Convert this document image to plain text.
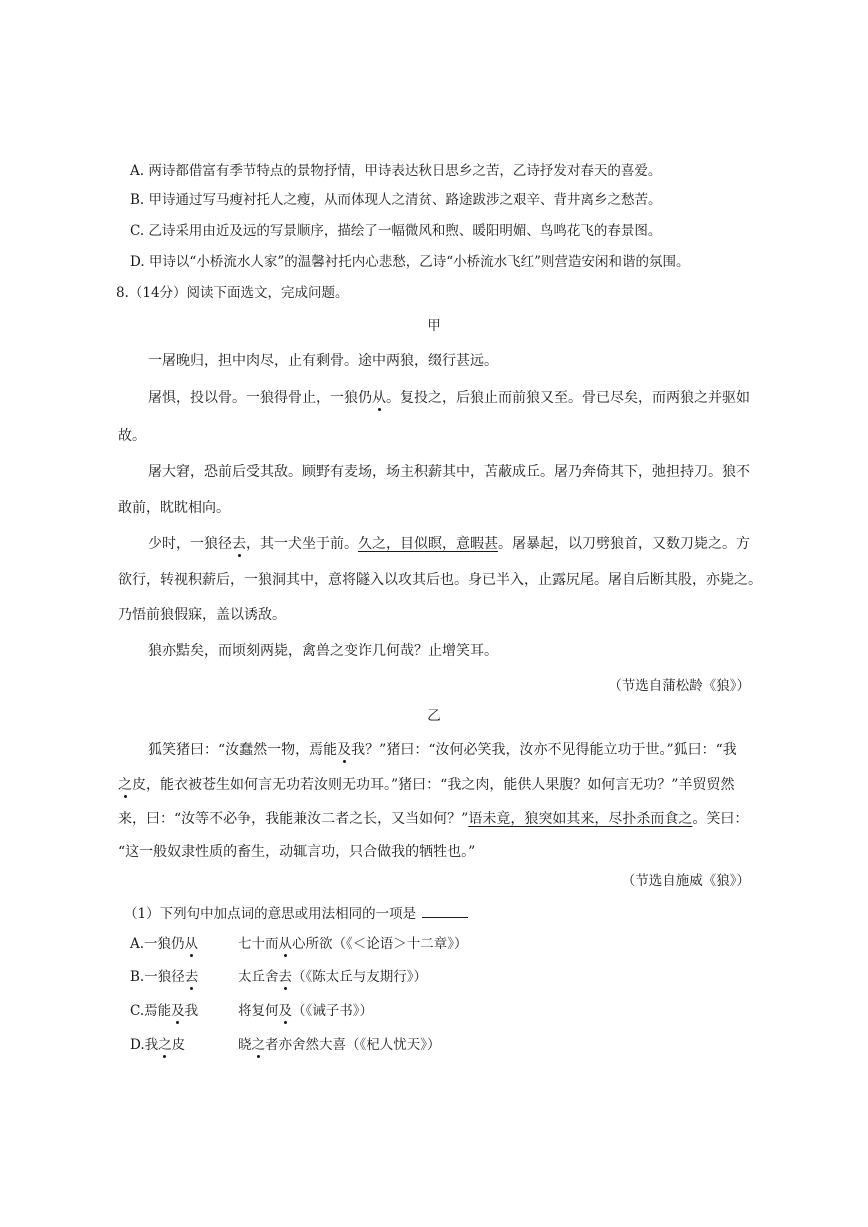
A. 两诗都借富有季节特点的景物抒情，甲诗表达秋日思乡之苦，乙诗抒发对春天的喜爱。
B. 甲诗通过写马瘦衬托人之瘦，从而体现人之清贫、路途跋涉之艰辛、背井离乡之愁苦。
C. 乙诗采用由近及远的写景顺序，描绘了一幅微风和煦、暖阳明媚、鸟鸣花飞的春景图。
D. 甲诗以“小桥流水人家”的温馨衬托内心悲愁，乙诗“小桥流水飞红”则营造安闲和谐的氛围。
8.（14分）阅读下面选文，完成问题。
甲
一屠晚归，担中肉尽，止有剩骨。途中两狼，缀行甚远。
屠惧，投以骨。一狼得骨止，一狼仍从。复投之，后狼止而前狼又至。骨已尽矣，而两狼之并驱如
故。
屠大窘，恐前后受其敌。顾野有麦场，场主积薪其中，苫蔽成丘。屠乃奔倚其下，弛担持刀。狼不
敢前，眈眈相向。
少时，一狼径去，其一犬坐于前。久之，目似瞑，意暇甚。屠暴起，以刀劈狼首，又数刀毙之。方
欲行，转视积薪后，一狼洞其中，意将隧入以攻其后也。身已半入，止露尻尾。屠自后断其股，亦毙之。
乃悟前狼假寐，盖以诱敌。
狼亦黠矣，而顷刻两毙，禽兽之变诈几何哉？止增笑耳。
（节选自蒲松龄《狼》）
乙
狐笑猪曰：“汝蠢然一物，焉能及我？”猪曰：“汝何必笑我，汝亦不见得能立功于世。”狐曰：“我
之皮，能衣被苍生如何言无功若汝则无功耳。”猪曰：“我之肉，能供人果腹？如何言无功？”羊贸贸然
来，曰：“汝等不必争，我能兼汝二者之长，又当如何？”语未竟，狼突如其来，尽扑杀而食之。笑曰：
“这一般奴隶性质的畜生，动辄言功，只合做我的牺牲也。”
（节选自施威《狼》）
（1）下列句中加点词的意思或用法相同的一项是
A.一狼仍从	七十而从心所欲（《＜论语＞十二章》）
B.一狼径去	太丘舍去（《陈太丘与友期行》）
C.焉能及我	将复何及（《诫子书》）
D.我之皮	晓之者亦舍然大喜（《杞人忧天》）
